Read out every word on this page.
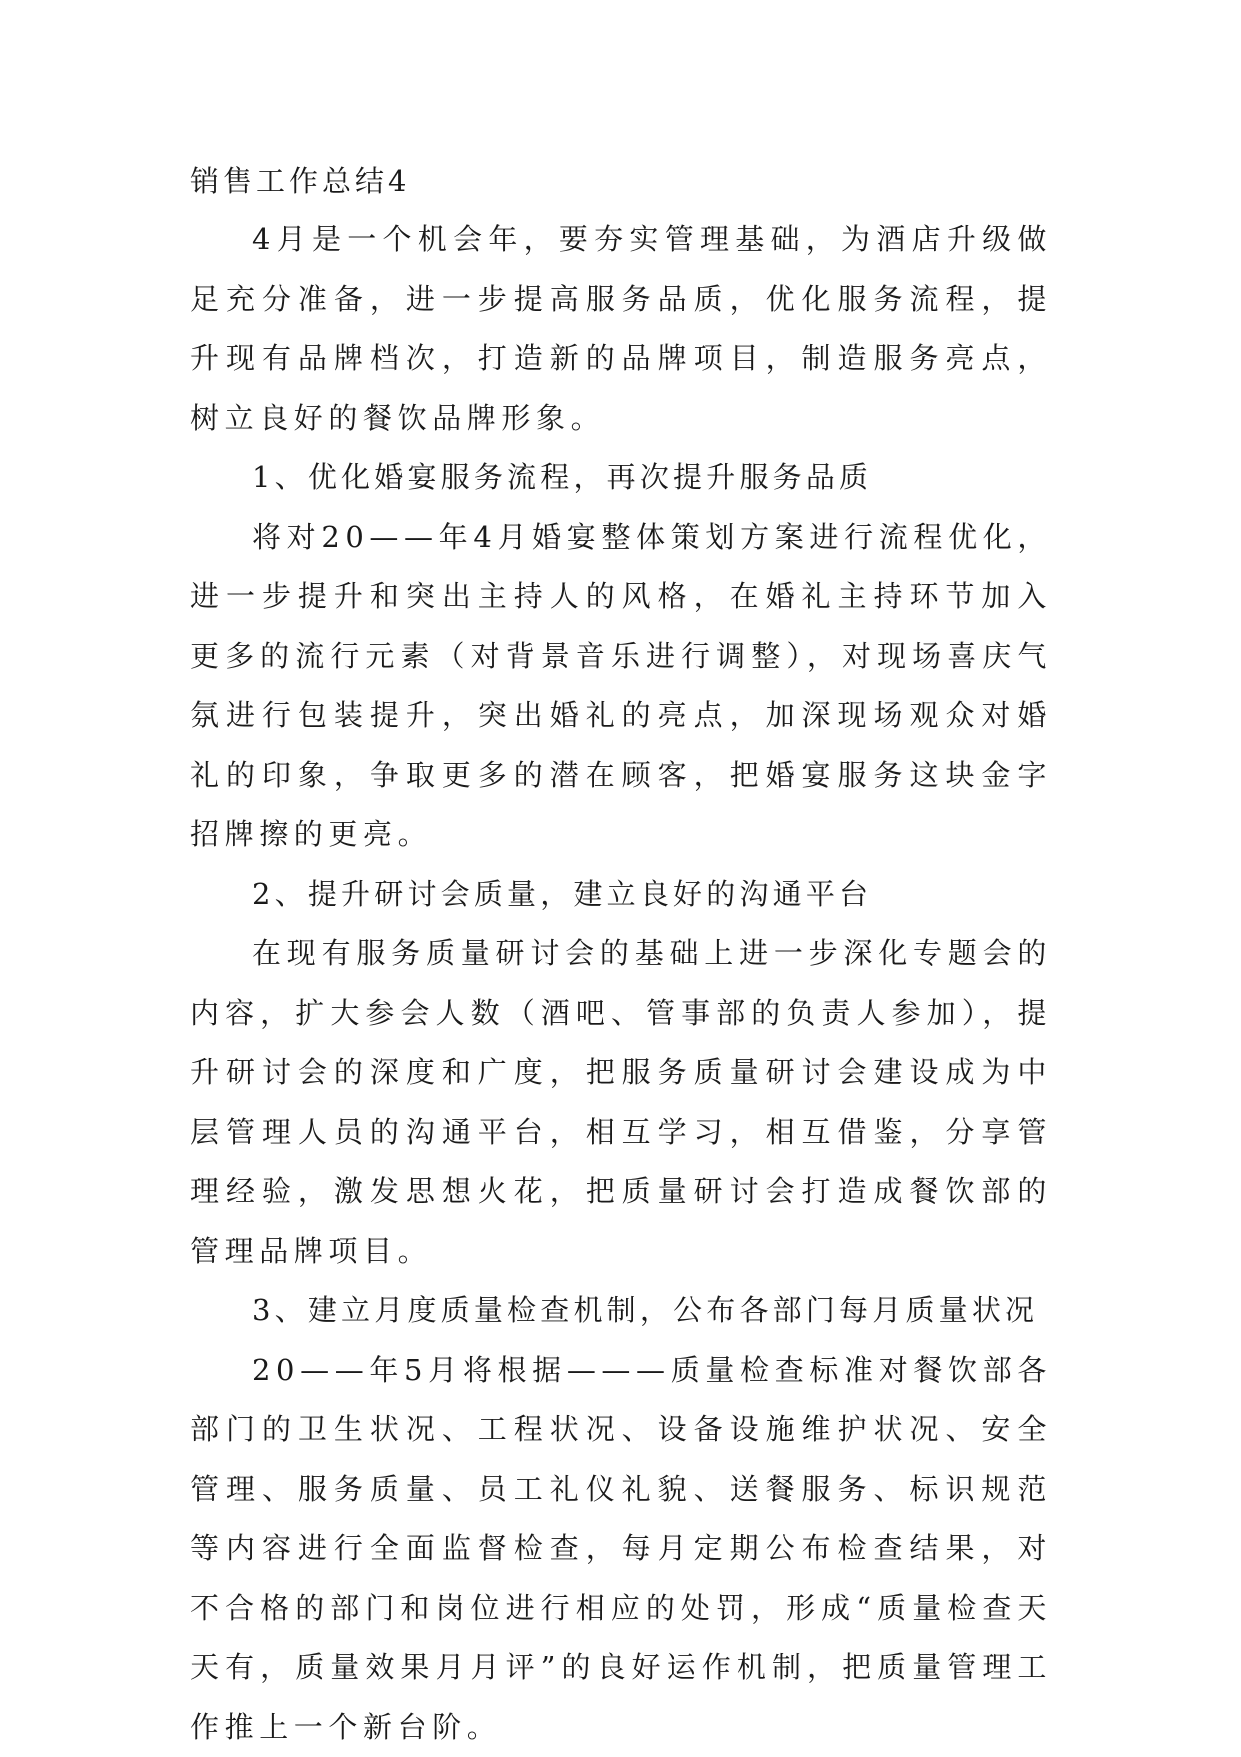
销售工作总结4

4月是一个机会年，要夯实管理基础，为酒店升级做足充分准备，进一步提高服务品质，优化服务流程，提升现有品牌档次，打造新的品牌项目，制造服务亮点，树立良好的餐饮品牌形象。

1、优化婚宴服务流程，再次提升服务品质

将对20——年4月婚宴整体策划方案进行流程优化，进一步提升和突出主持人的风格，在婚礼主持环节加入更多的流行元素（对背景音乐进行调整），对现场喜庆气氛进行包装提升，突出婚礼的亮点，加深现场观众对婚礼的印象，争取更多的潜在顾客，把婚宴服务这块金字招牌擦的更亮。

2、提升研讨会质量，建立良好的沟通平台

在现有服务质量研讨会的基础上进一步深化专题会的内容，扩大参会人数（酒吧、管事部的负责人参加），提升研讨会的深度和广度，把服务质量研讨会建设成为中层管理人员的沟通平台，相互学习，相互借鉴，分享管理经验，激发思想火花，把质量研讨会打造成餐饮部的管理品牌项目。

3、建立月度质量检查机制，公布各部门每月质量状况

20——年5月将根据———质量检查标准对餐饮部各部门的卫生状况、工程状况、设备设施维护状况、安全管理、服务质量、员工礼仪礼貌、送餐服务、标识规范等内容进行全面监督检查，每月定期公布检查结果，对不合格的部门和岗位进行相应的处罚，形成“质量检查天天有，质量效果月月评”的良好运作机制，把质量管理工作推上一个新台阶。
